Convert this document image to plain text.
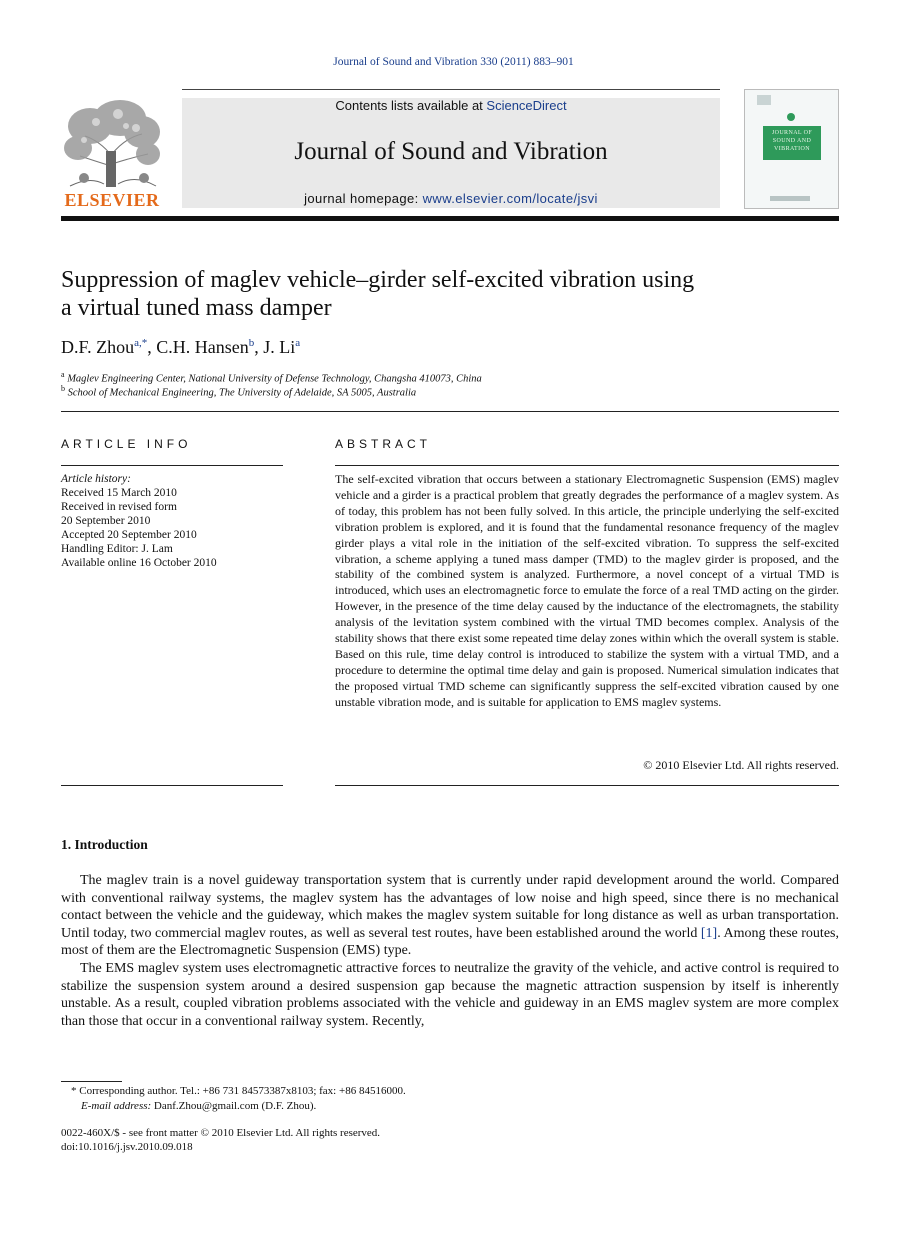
Journal of Sound and Vibration 330 (2011) 883–901
ELSEVIER
Contents lists available at ScienceDirect
Journal of Sound and Vibration
journal homepage: www.elsevier.com/locate/jsvi
JOURNAL OF
SOUND AND
VIBRATION
Suppression of maglev vehicle–girder self-excited vibration using
a virtual tuned mass damper
D.F. Zhou$^{a,*}$, C.H. Hansen$^b$, J. Li$^a$
$^a$ Maglev Engineering Center, National University of Defense Technology, Changsha 410073, China
$^b$ School of Mechanical Engineering, The University of Adelaide, SA 5005, Australia
ARTICLE INFO
Article history:
Received 15 March 2010
Received in revised form
20 September 2010
Accepted 20 September 2010
Handling Editor: J. Lam
Available online 16 October 2010
ABSTRACT
The self-excited vibration that occurs between a stationary Electromagnetic Suspension (EMS) maglev vehicle and a girder is a practical problem that greatly degrades the performance of a maglev system. As of today, this problem has not been fully solved. In this article, the principle underlying the self-excited vibration problem is explored, and it is found that the fundamental resonance frequency of the maglev girder plays a vital role in the initiation of the self-excited vibration. To suppress the self-excited vibration, a scheme applying a tuned mass damper (TMD) to the maglev girder is proposed, and the stability of the combined system is analyzed. Furthermore, a novel concept of a virtual TMD is introduced, which uses an electromagnetic force to emulate the force of a real TMD acting on the girder. However, in the presence of the time delay caused by the inductance of the electromagnets, the stability analysis of the levitation system combined with the virtual TMD becomes complex. Analysis of the stability shows that there exist some repeated time delay zones within which the overall system is stable. Based on this rule, time delay control is introduced to stabilize the system with a virtual TMD, and a procedure to determine the optimal time delay and gain is proposed. Numerical simulation indicates that the proposed virtual TMD scheme can significantly suppress the self-excited vibration caused by one unstable vibration mode, and is suitable for application to EMS maglev systems.
© 2010 Elsevier Ltd. All rights reserved.
1. Introduction

The maglev train is a novel guideway transportation system that is currently under rapid development around the world. Compared with conventional railway systems, the maglev system has the advantages of low noise and high speed, since there is no mechanical contact between the vehicle and the guideway, which makes the maglev system suitable for long distance as well as urban transportation. Until today, two commercial maglev routes, as well as several test routes, have been established around the world [1]. Among these routes, most of them are the Electromagnetic Suspension (EMS) type.

The EMS maglev system uses electromagnetic attractive forces to neutralize the gravity of the vehicle, and active control is required to stabilize the suspension system around a desired suspension gap because the magnetic attraction suspension by itself is inherently unstable. As a result, coupled vibration problems associated with the vehicle and guideway in an EMS maglev system are more complex than those that occur in a conventional railway system. Recently,

* Corresponding author. Tel.: +86 731 84573387x8103; fax: +86 84516000.
E-mail address: Danf.Zhou@gmail.com (D.F. Zhou).
0022-460X/$ - see front matter © 2010 Elsevier Ltd. All rights reserved.
doi:10.1016/j.jsv.2010.09.018
